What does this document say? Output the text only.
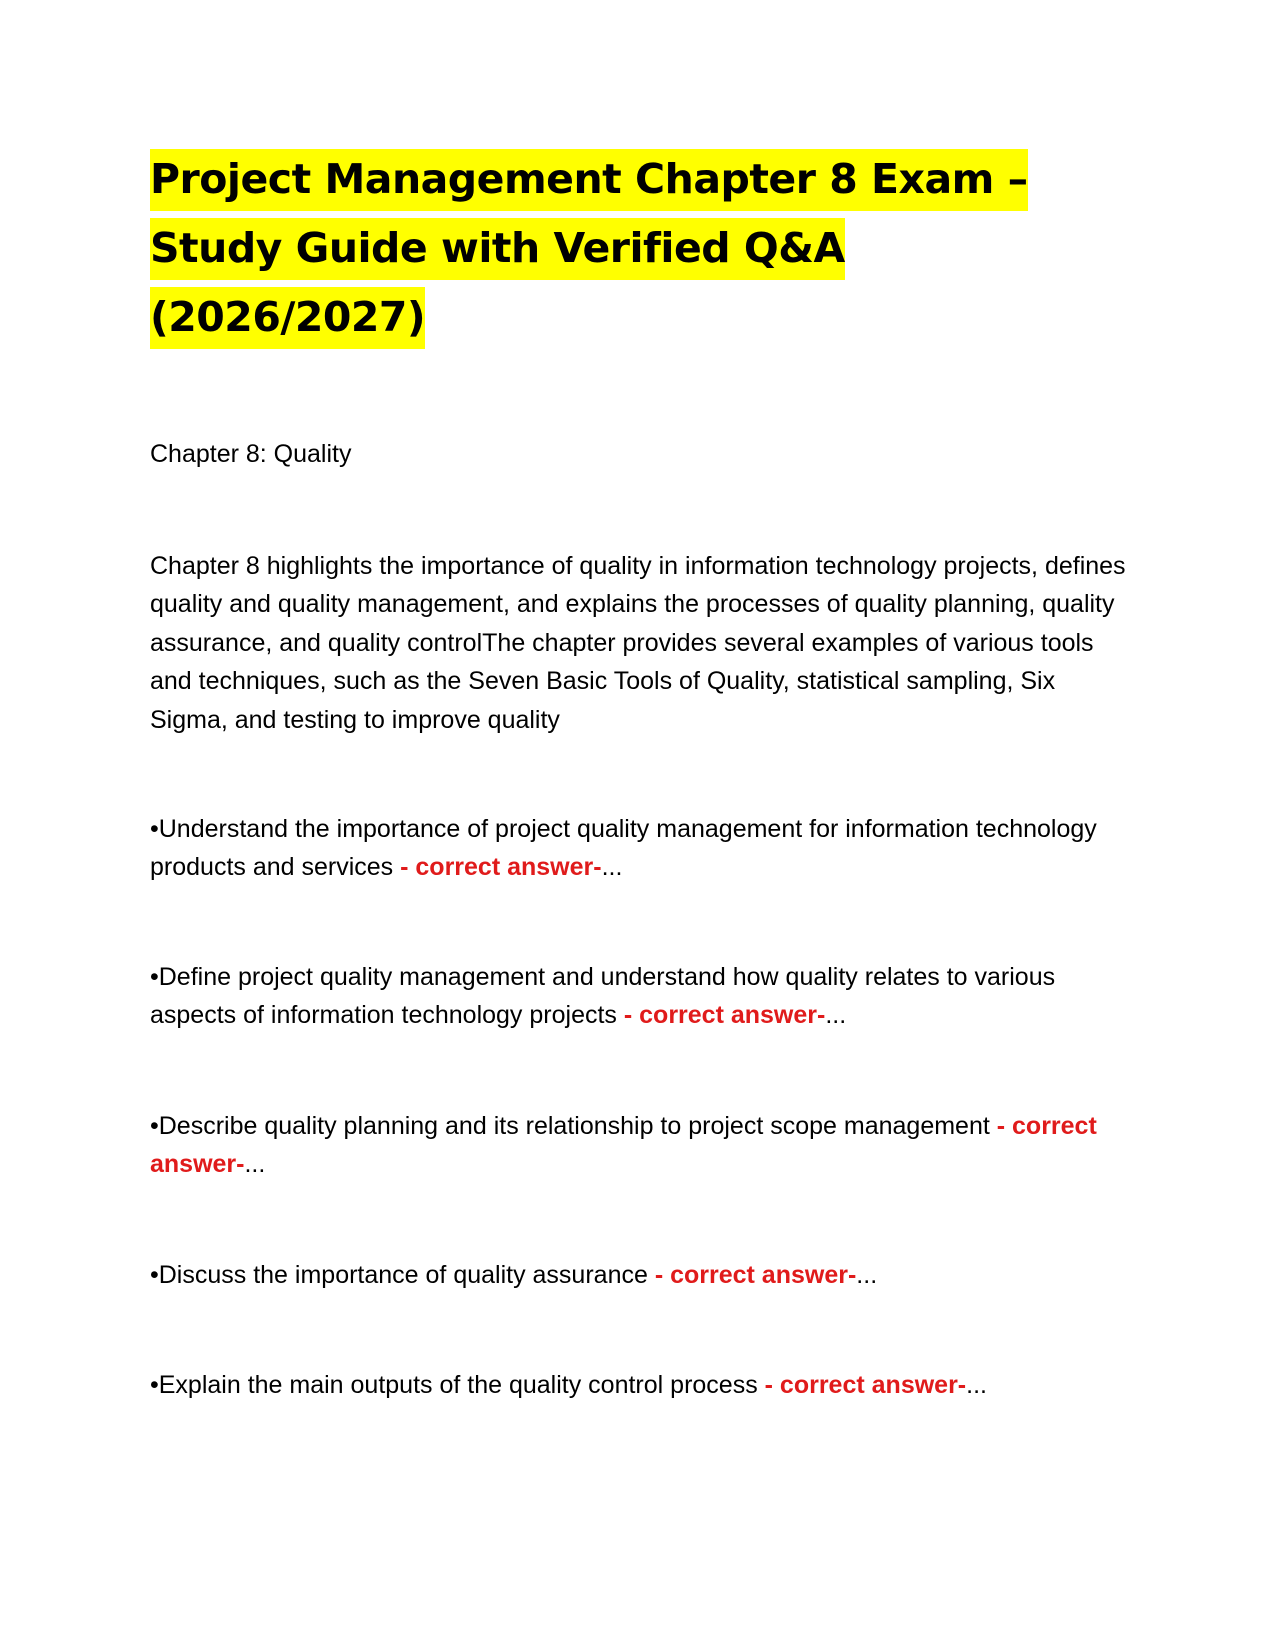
Project Management Chapter 8 Exam –
Study Guide with Verified Q&A
(2026/2027)

Chapter 8: Quality

Chapter 8 highlights the importance of quality in information technology projects, defines quality and quality management, and explains the processes of quality planning, quality assurance, and quality controlThe chapter provides several examples of various tools and techniques, such as the Seven Basic Tools of Quality, statistical sampling, Six Sigma, and testing to improve quality

•Understand the importance of project quality management for information technology products and services - correct answer-...

•Define project quality management and understand how quality relates to various aspects of information technology projects - correct answer-...

•Describe quality planning and its relationship to project scope management - correct answer-...

•Discuss the importance of quality assurance - correct answer-...

•Explain the main outputs of the quality control process - correct answer-...
